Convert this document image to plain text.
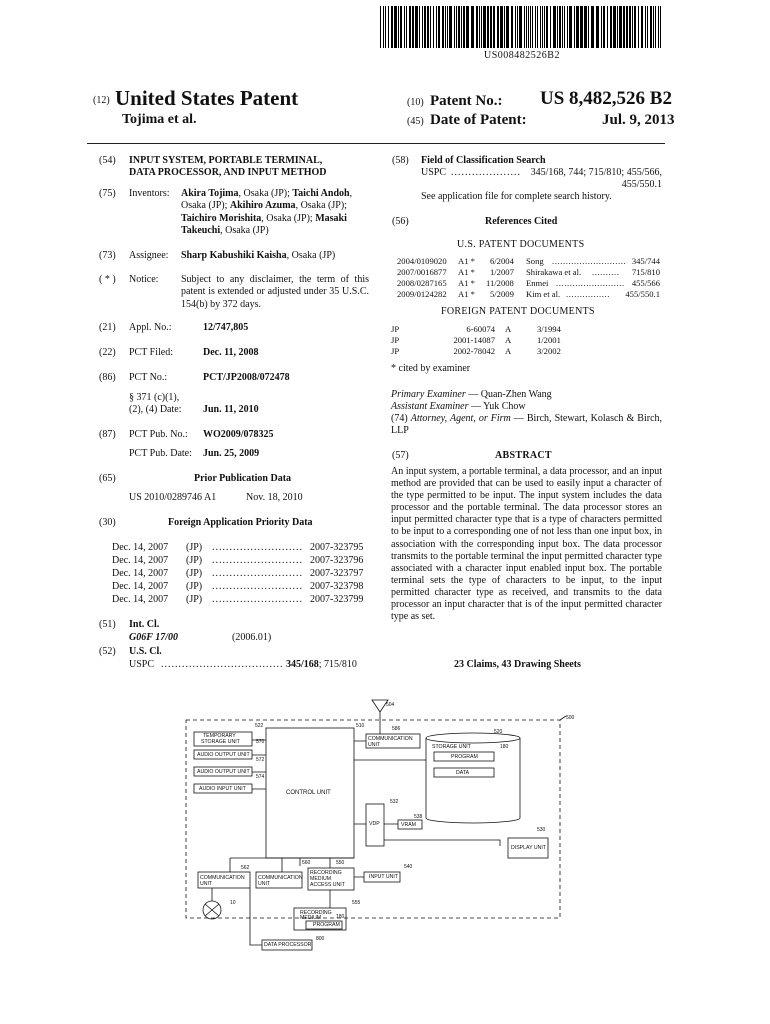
US008482526B2
(12) United States Patent
Tojima et al.
(10) Patent No.: US 8,482,526 B2
(45) Date of Patent:	Jul. 9, 2013
(54) INPUT SYSTEM, PORTABLE TERMINAL,
DATA PROCESSOR, AND INPUT METHOD
(75) Inventors: Akira Tojima, Osaka (JP); Taichi Andoh, Osaka (JP); Akihiro Azuma, Osaka (JP); Taichiro Morishita, Osaka (JP); Masaki Takeuchi, Osaka (JP)
(73) Assignee: Sharp Kabushiki Kaisha, Osaka (JP)
( * ) Notice: Subject to any disclaimer, the term of this patent is extended or adjusted under 35 U.S.C. 154(b) by 372 days.
(21) Appl. No.:	12/747,805
(22) PCT Filed:	Dec. 11, 2008
(86) PCT No.:	PCT/JP2008/072478
§ 371 (c)(1),
(2), (4) Date: Jun. 11, 2010
(87) PCT Pub. No.: WO2009/078325
PCT Pub. Date: Jun. 25, 2009
(65)	Prior Publication Data
US 2010/0289746 A1	Nov. 18, 2010
(30)	Foreign Application Priority Data
Dec. 14, 2007 (JP) .......................... 2007-323795
Dec. 14, 2007 (JP) .......................... 2007-323796
Dec. 14, 2007 (JP) .......................... 2007-323797
Dec. 14, 2007 (JP) .......................... 2007-323798
Dec. 14, 2007 (JP) .......................... 2007-323799
(51) Int. Cl.
G06F 17/00	(2006.01)
(52) U.S. Cl.
USPC ................................... 345/168; 715/810
(58) Field of Classification Search
USPC .................... 345/168, 744; 715/810; 455/566,
455/550.1
See application file for complete search history.
(56)	References Cited
U.S. PATENT DOCUMENTS
2004/0109020 A1 * 6/2004 Song ........................... 345/744
2007/0016877 A1 * 1/2007 Shirakawa et al. ..........	715/810
2008/0287165 A1 * 11/2008 Enmei ......................... 455/566
2009/0124282 A1 * 5/2009 Kim et al. ................	455/550.1
FOREIGN PATENT DOCUMENTS
JP	6-60074 A	3/1994
JP	2001-14087 A	1/2001
JP	2002-78042 A	3/2002
* cited by examiner
Primary Examiner — Quan-Zhen Wang
Assistant Examiner — Yuk Chow
(74) Attorney, Agent, or Firm — Birch, Stewart, Kolasch & Birch, LLP
(57)	ABSTRACT
An input system, a portable terminal, a data processor, and an input method are provided that can be used to easily input a character of the type permitted to be input. The input system includes the data processor and the portable terminal. The data processor stores an input permitted character type that is a type of characters permitted to be input to a corresponding one of not less than one input box, in association with the corresponding input box. The data processor transmits to the portable terminal the input permitted character type associated with a character input enabled input box. The portable terminal sets the type of characters to be input, to the input permitted character type as received, and transmits to the data processor an input character that is of the input permitted character type as set.
23 Claims, 43 Drawing Sheets
500
504
510
522
TEMPORARY
STORAGE UNIT	570
AUDIO OUTPUT UNIT
572
AUDIO OUTPUT UNIT
574
AUDIO INPUT UNIT
CONTROL UNIT
586
COMMUNICATION
UNIT
520
STORAGE UNIT	180
PROGRAM
DATA
532
538
VDP	VRAM
530
DISPLAY UNIT
562
560	550
COMMUNICATION
UNIT
COMMUNICATION
UNIT
RECORDING
MEDIUM
ACCESS UNIT
540
INPUT UNIT
10	555
RECORDING
MEDIUM	180
PROGRAM
DATA PROCESSOR
800
